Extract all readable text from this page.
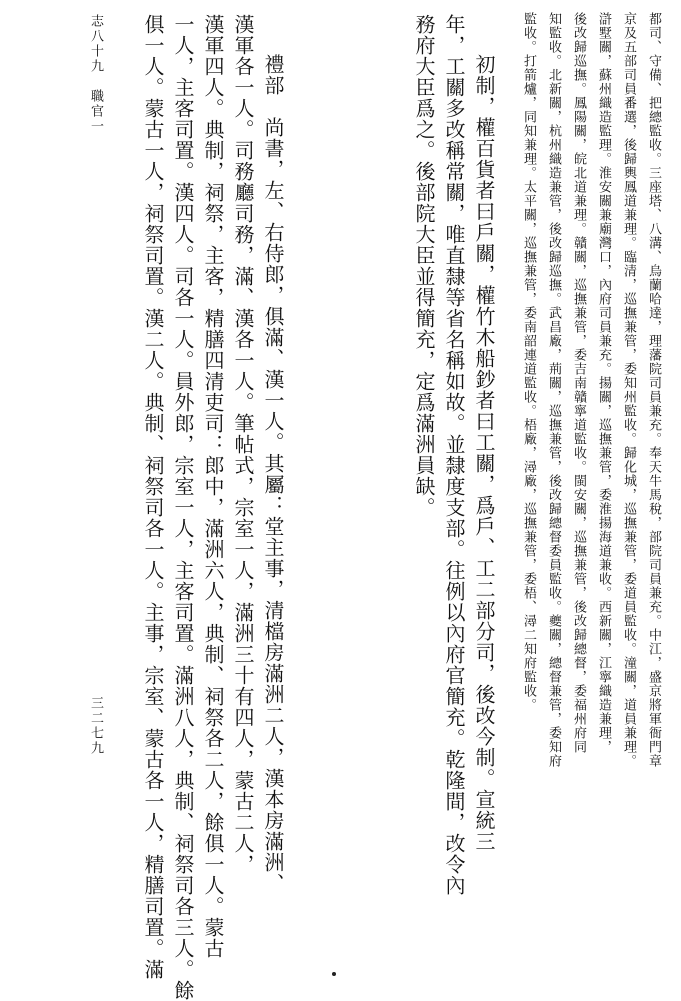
都司、守備、把總監收。三座塔、八溝、烏蘭哈達，理藩院司員兼充。奉天牛馬稅，部院司員兼充。中江，盛京將軍衙門章
京及五部司員番選，後歸輿鳳道兼理。臨清，巡撫兼管，委知州監收。歸化城，巡撫兼管，委道員監收。潼關，道員兼理。
滸墅關，蘇州織造監理。淮安關兼廟灣口，內府司員兼充。揚關，巡撫兼管，委淮揚海道兼收。西新關，江寧織造兼理，
後改歸巡撫。鳳陽關，皖北道兼理。贛關，巡撫兼管，委吉南贛寧道監收。閩安關，巡撫兼管，後改歸總督，委福州府同
知監收。北新關，杭州織造兼管，後改歸巡撫。武昌廠，荊關，巡撫兼管，後改歸總督委員監收。夔關，總督兼管，委知府
監收。打箭爐，同知兼理。太平關，巡撫兼管，委南韶連道監收。梧廠，潯廠，巡撫兼管，委梧、潯二知府監收。
初制，權百貨者曰戶關，權竹木船鈔者曰工關，爲戶、工二部分司，後改今制。宣統三
年，工關多改稱常關，唯直隸等省名稱如故。並隸度支部。往例以內府官簡充。乾隆間，改令內
務府大臣爲之。後部院大臣並得簡充，定爲滿洲員缺。
禮部　尚書，左、右侍郎，俱滿、漢一人。其屬：堂主事，清檔房滿洲二人，漢本房滿洲、
漢軍各一人。司務廳司務，滿、漢各一人。筆帖式，宗室一人，滿洲三十有四人，蒙古二人，
漢軍四人。典制，祠祭，主客，精膳四清吏司：郎中，滿洲六人，典制、祠祭各二人，餘俱一人。蒙古
一人，主客司置。漢四人。司各一人。員外郎，宗室一人，主客司置。滿洲八人，典制、祠祭司各三人。餘
俱一人。蒙古一人，祠祭司置。漢二人。典制、祠祭司各一人。主事，宗室、蒙古各一人，精膳司置。滿
志八十九　職官一
三二七九
